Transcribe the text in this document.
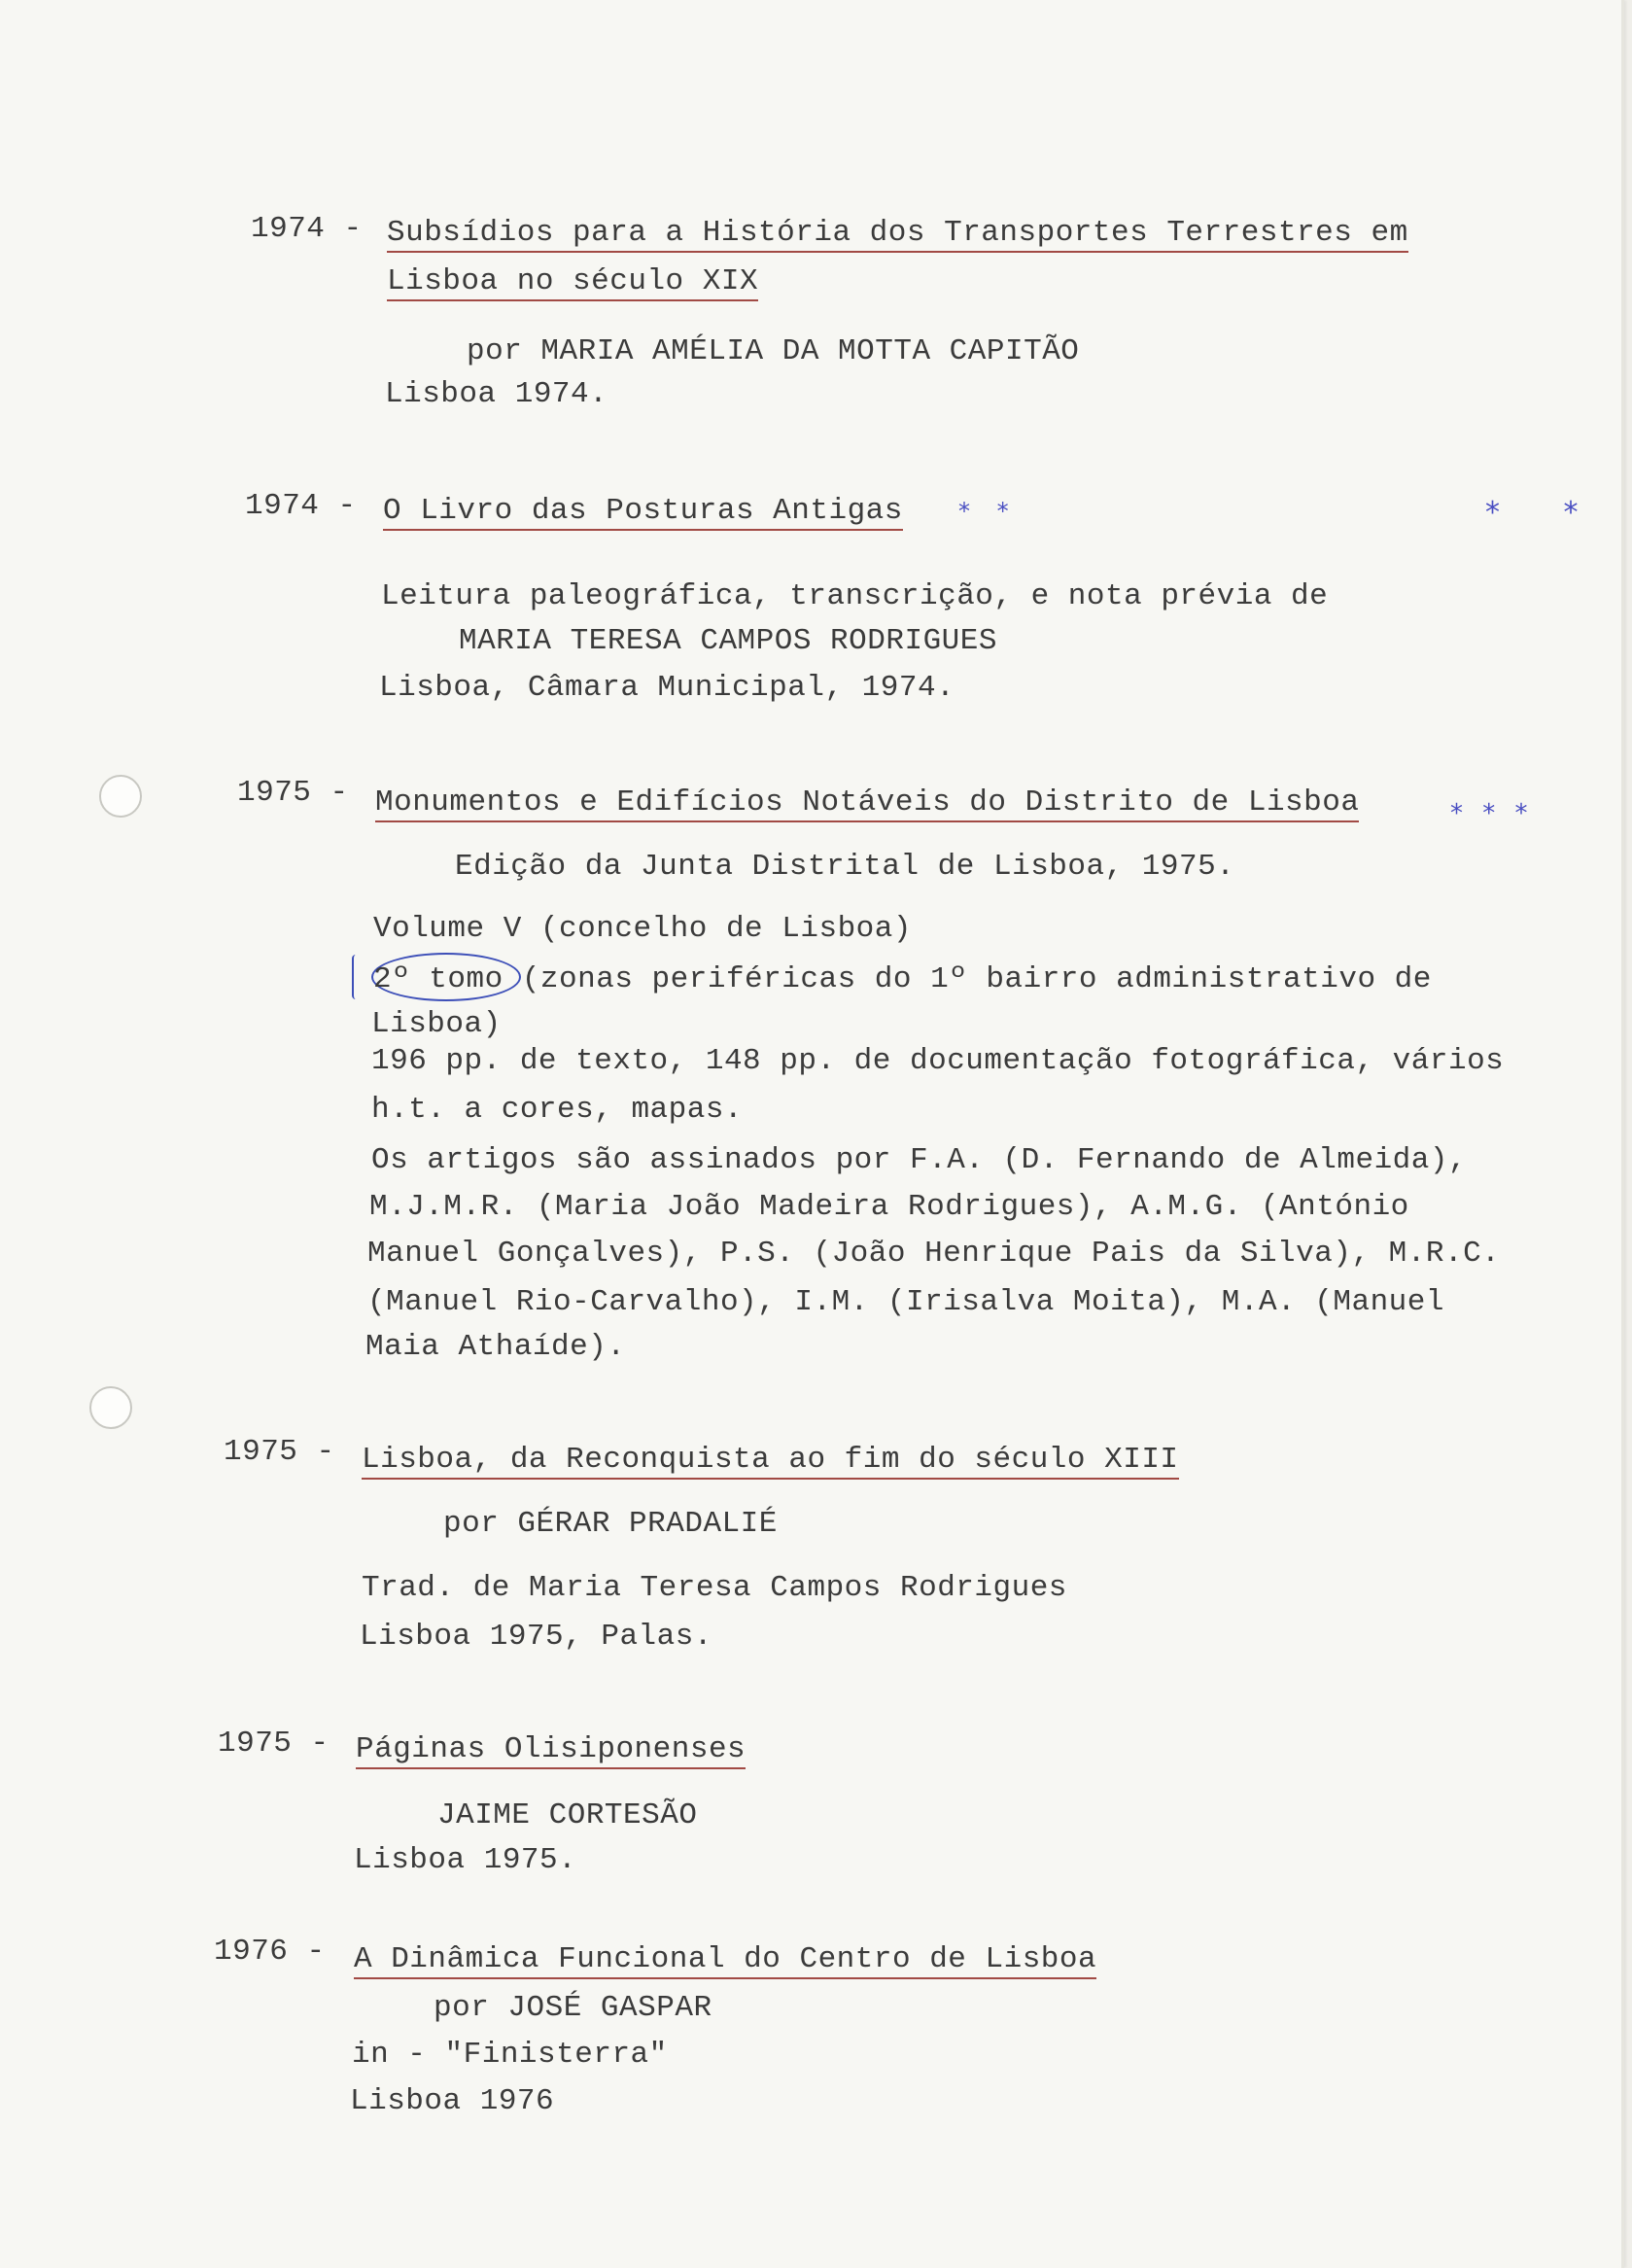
1974 - Subsídios para a História dos Transportes Terrestres em
Lisboa no século XIX
por MARIA AMÉLIA DA MOTTA CAPITÃO
Lisboa 1974.
1974 - O Livro das Posturas Antigas * *	* *
Leitura paleográfica, transcrição, e nota prévia de
MARIA TERESA CAMPOS RODRIGUES
Lisboa, Câmara Municipal, 1974.
1975 - Monumentos e Edifícios Notáveis do Distrito de Lisboa	* * *
Edição da Junta Distrital de Lisboa, 1975.
Volume V (concelho de Lisboa)
2º tomo (zonas periféricas do 1º bairro administrativo de
Lisboa)
196 pp. de texto, 148 pp. de documentação fotográfica, vários
h.t. a cores, mapas.
Os artigos são assinados por F.A. (D. Fernando de Almeida),
M.J.M.R. (Maria João Madeira Rodrigues), A.M.G. (António
Manuel Gonçalves), P.S. (João Henrique Pais da Silva), M.R.C.
(Manuel Rio-Carvalho), I.M. (Irisalva Moita), M.A. (Manuel
Maia Athaíde).
1975 - Lisboa, da Reconquista ao fim do século XIII
por GÉRAR PRADALIÉ
Trad. de Maria Teresa Campos Rodrigues
Lisboa 1975, Palas.
1975 - Páginas Olisiponenses
JAIME CORTESÃO
Lisboa 1975.
1976 - A Dinâmica Funcional do Centro de Lisboa
por JOSÉ GASPAR
in - "Finisterra"
Lisboa 1976
